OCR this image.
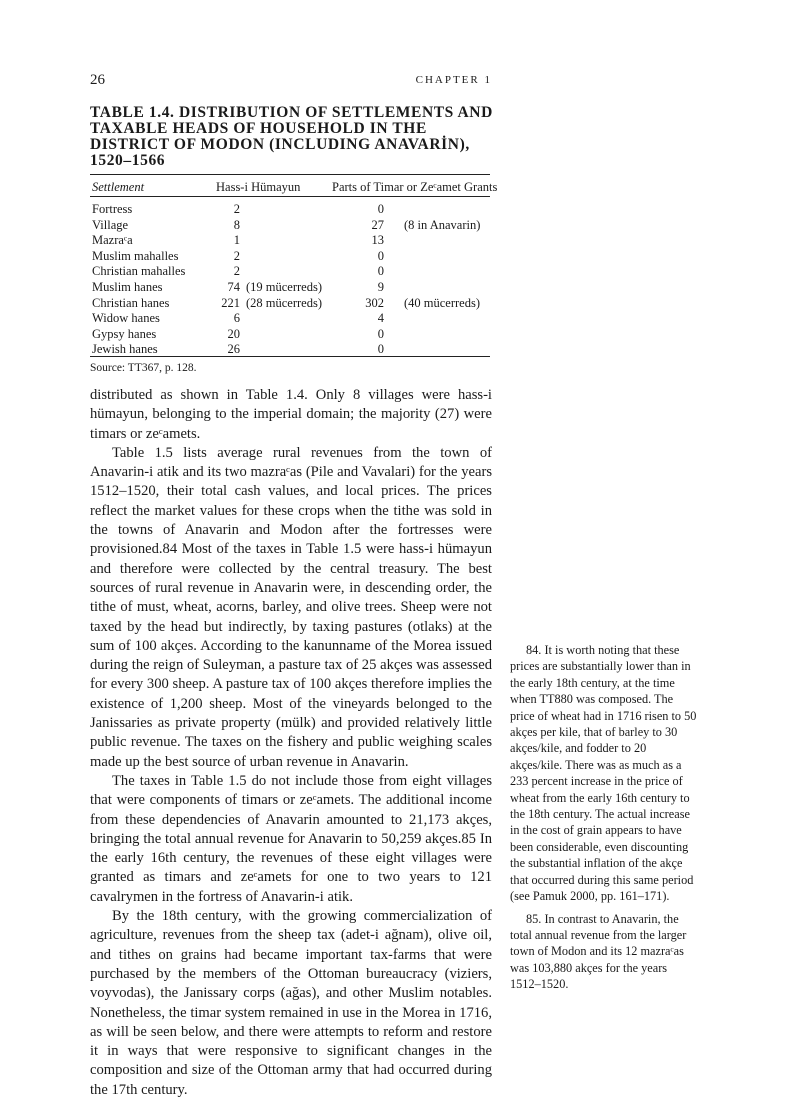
26	CHAPTER 1
TABLE 1.4. DISTRIBUTION OF SETTLEMENTS AND TAXABLE HEADS OF HOUSEHOLD IN THE DISTRICT OF MODON (INCLUDING ANAVARİN), 1520–1566
Settlement	Hass-i Hümayun	Parts of Timar or Zeᶜamet Grants
Fortress	2	0
Village	8	27 (8 in Anavarin)
Mazraᶜa	1	13
Muslim mahalles	2	0
Christian mahalles	2	0
Muslim hanes	74 (19 mücerreds)	9
Christian hanes	221 (28 mücerreds)	302 (40 mücerreds)
Widow hanes	6	4
Gypsy hanes	20	0
Jewish hanes	26	0
Source: TT367, p. 128.

distributed as shown in Table 1.4. Only 8 villages were hass-i hümayun, belonging to the imperial domain; the majority (27) were timars or zeᶜamets.

Table 1.5 lists average rural revenues from the town of Anavarin-i atik and its two mazraᶜas (Pile and Vavalari) for the years 1512–1520, their total cash values, and local prices. The prices reflect the market values for these crops when the tithe was sold in the towns of Anavarin and Modon after the fortresses were provisioned.84 Most of the taxes in Table 1.5 were hass-i hümayun and therefore were collected by the central treasury. The best sources of rural revenue in Anavarin were, in descending order, the tithe of must, wheat, acorns, barley, and olive trees. Sheep were not taxed by the head but indirectly, by taxing pastures (otlaks) at the sum of 100 akçes. According to the kanunname of the Morea issued during the reign of Suleyman, a pasture tax of 25 akçes was assessed for every 300 sheep. A pasture tax of 100 akçes therefore implies the existence of 1,200 sheep. Most of the vineyards belonged to the Janissaries as private property (mülk) and provided relatively little public revenue. The taxes on the fishery and public weighing scales made up the best source of urban revenue in Anavarin.

The taxes in Table 1.5 do not include those from eight villages that were components of timars or zeᶜamets. The additional income from these dependencies of Anavarin amounted to 21,173 akçes, bringing the total annual revenue for Anavarin to 50,259 akçes.85 In the early 16th century, the revenues of these eight villages were granted as timars and zeᶜamets for one to two years to 121 cavalrymen in the fortress of Anavarin-i atik.

By the 18th century, with the growing commercialization of agriculture, revenues from the sheep tax (adet-i ağnam), olive oil, and tithes on grains had became important tax-farms that were purchased by the members of the Ottoman bureaucracy (viziers, voyvodas), the Janissary corps (ağas), and other Muslim notables. Nonetheless, the timar system remained in use in the Morea in 1716, as will be seen below, and there were attempts to reform and restore it in ways that were responsive to significant changes in the composition and size of the Ottoman army that had occurred during the 17th century.

84. It is worth noting that these prices are substantially lower than in the early 18th century, at the time when TT880 was composed. The price of wheat had in 1716 risen to 50 akçes per kile, that of barley to 30 akçes/kile, and fodder to 20 akçes/kile. There was as much as a 233 percent increase in the price of wheat from the early 16th century to the 18th century. The actual increase in the cost of grain appears to have been considerable, even discounting the substantial inflation of the akçe that occurred during this same period (see Pamuk 2000, pp. 161–171).

85. In contrast to Anavarin, the total annual revenue from the larger town of Modon and its 12 mazraᶜas was 103,880 akçes for the years 1512–1520.
